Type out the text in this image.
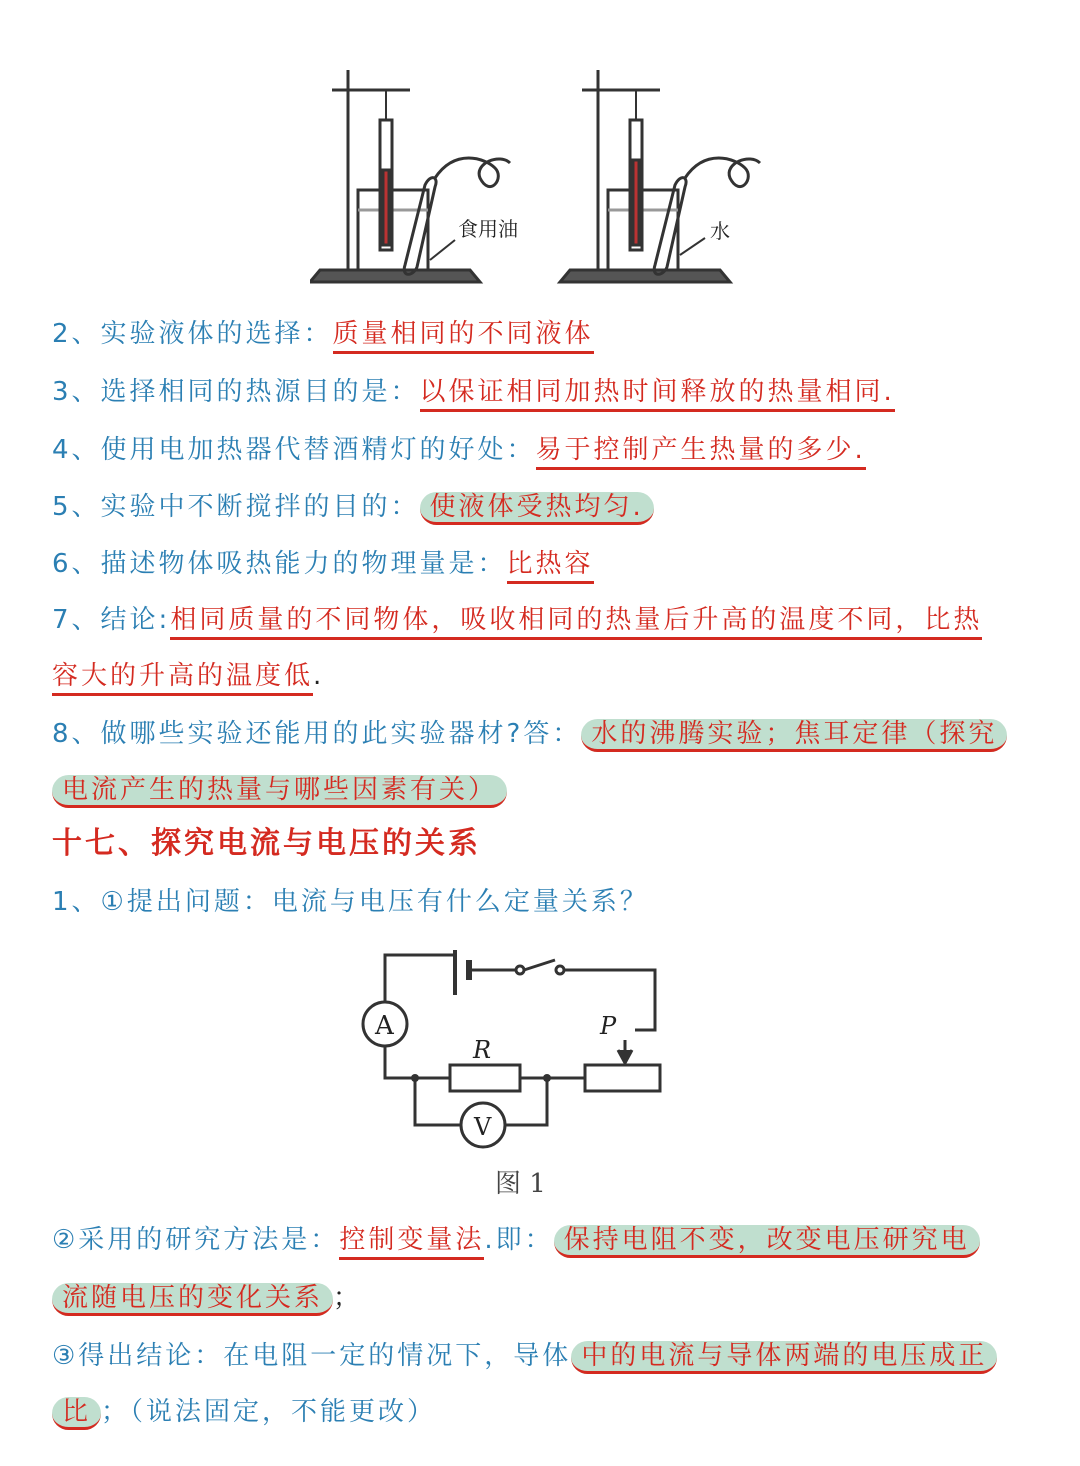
食用油	水
2、实验液体的选择：质量相同的不同液体
3、选择相同的热源目的是：以保证相同加热时间释放的热量相同.
4、使用电加热器代替酒精灯的好处：易于控制产生热量的多少.
5、实验中不断搅拌的目的： 使液体受热均匀.
6、描述物体吸热能力的物理量是：比热容
7、结论:相同质量的不同物体，吸收相同的热量后升高的温度不同，比热
容大的升高的温度低.
8、做哪些实验还能用的此实验器材?答： 水的沸腾实验；焦耳定律（探究
电流产生的热量与哪些因素有关）
十七、探究电流与电压的关系
1、①提出问题：电流与电压有什么定量关系？
A
V
R
P
图 1
②采用的研究方法是：控制变量法.即： 保持电阻不变，改变电压研究电
流随电压的变化关系 ；
③得出结论：在电阻一定的情况下，导体 中的电流与导体两端的电压成正
比 ；（说法固定，不能更改）
